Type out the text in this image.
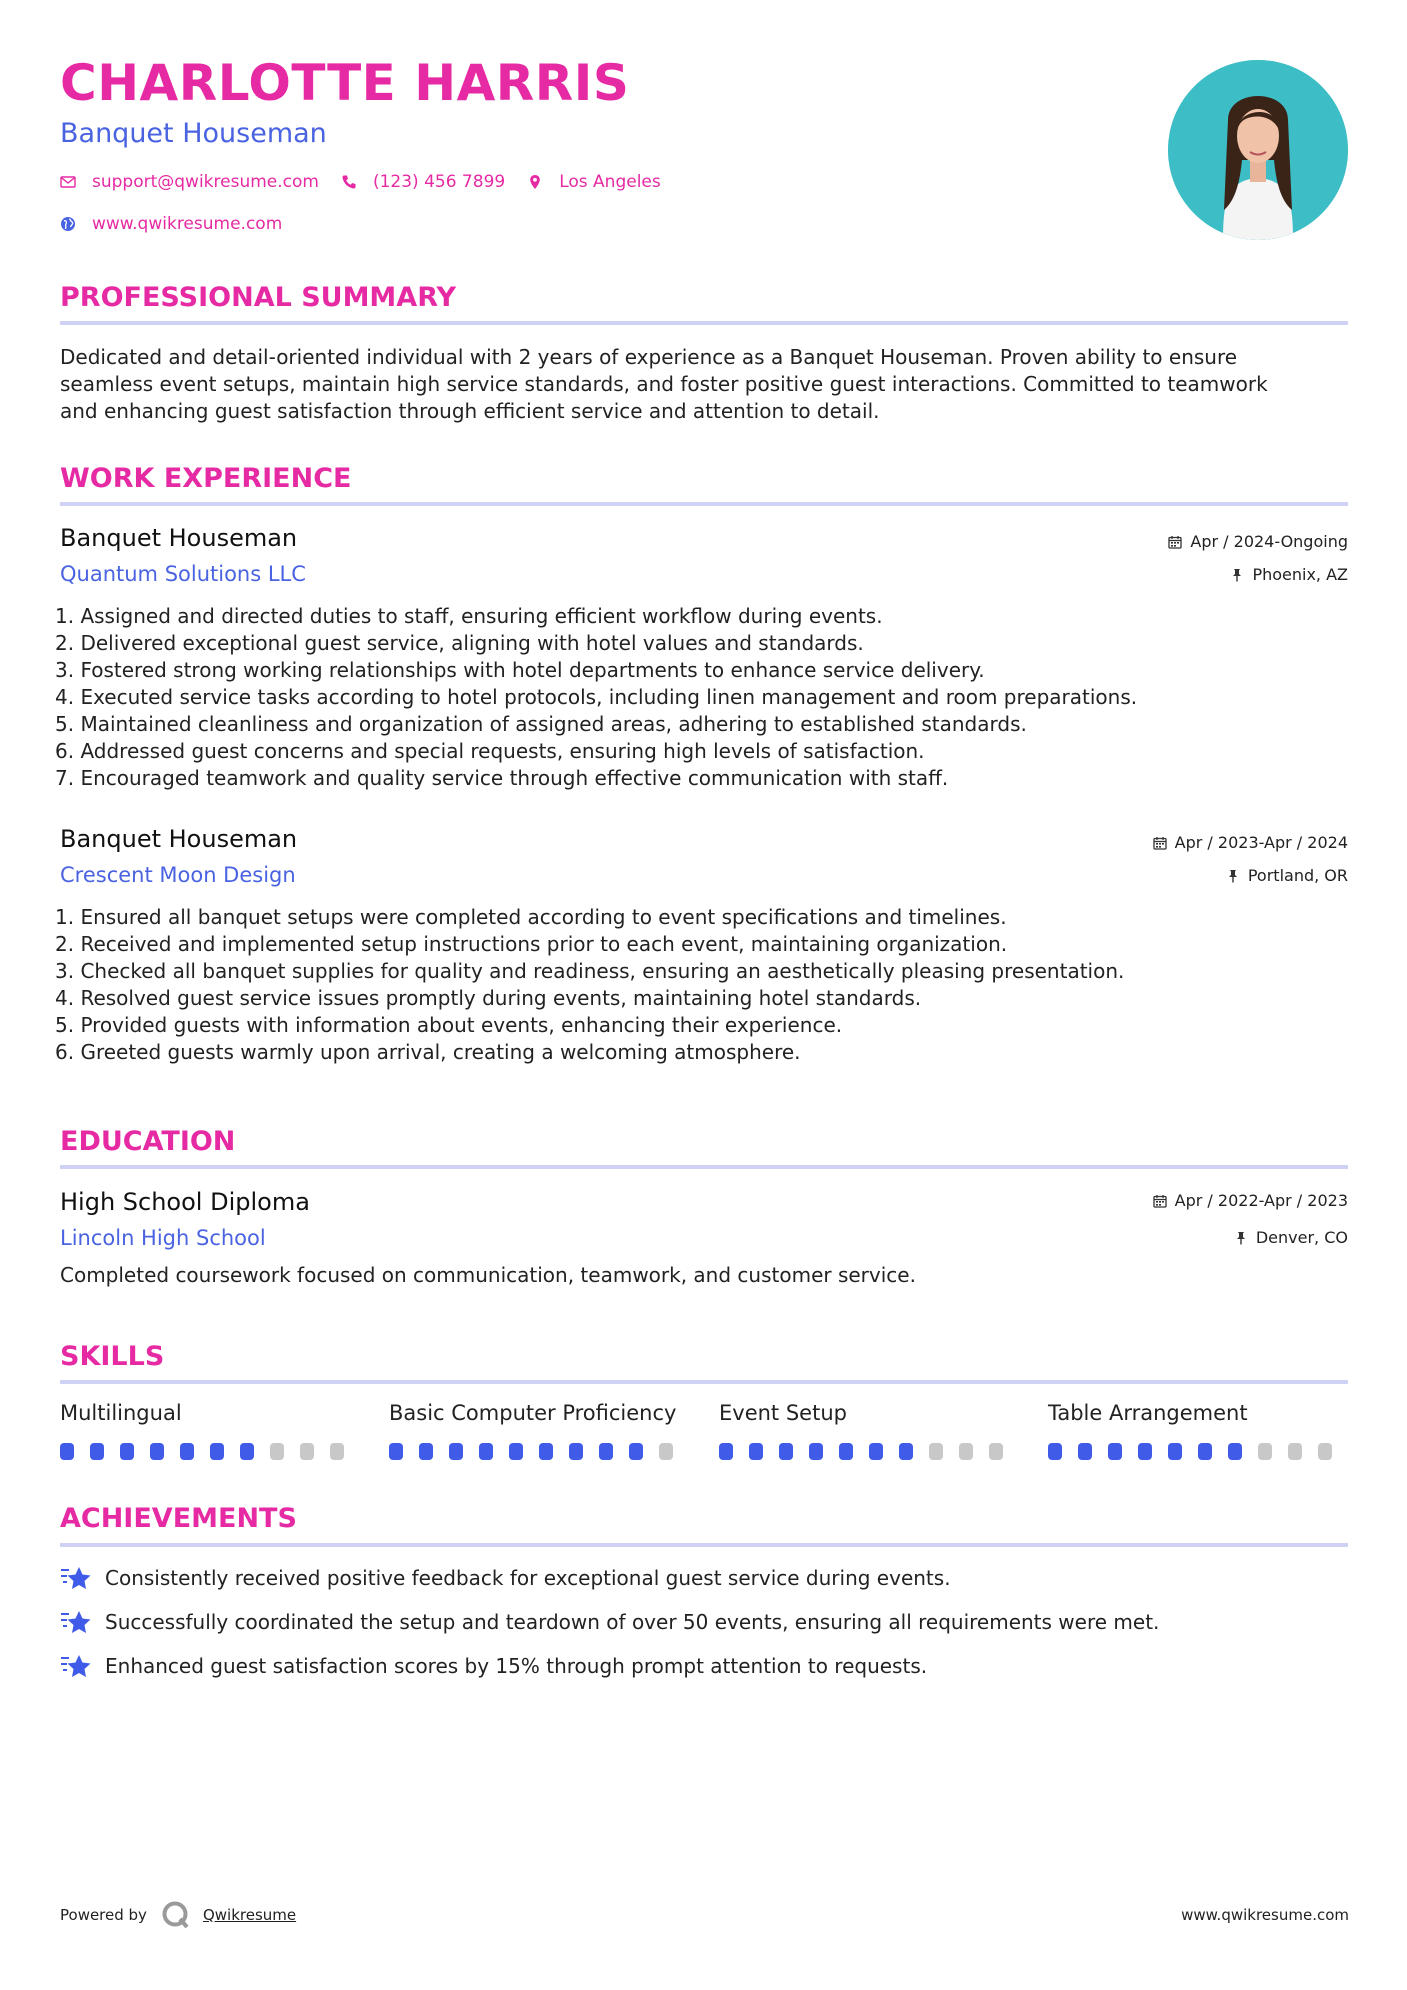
CHARLOTTE HARRIS
Banquet Houseman
support@qwikresume.com	(123) 456 7899	Los Angeles
www.qwikresume.com
PROFESSIONAL SUMMARY
Dedicated and detail-oriented individual with 2 years of experience as a Banquet Houseman. Proven ability to ensure
seamless event setups, maintain high service standards, and foster positive guest interactions. Committed to teamwork
and enhancing guest satisfaction through efficient service and attention to detail.
WORK EXPERIENCE
Banquet Houseman
Quantum Solutions LLC
Apr / 2024-Ongoing
Phoenix, AZ
1. Assigned and directed duties to staff, ensuring efficient workflow during events.
2. Delivered exceptional guest service, aligning with hotel values and standards.
3. Fostered strong working relationships with hotel departments to enhance service delivery.
4. Executed service tasks according to hotel protocols, including linen management and room preparations.
5. Maintained cleanliness and organization of assigned areas, adhering to established standards.
6. Addressed guest concerns and special requests, ensuring high levels of satisfaction.
7. Encouraged teamwork and quality service through effective communication with staff.
Banquet Houseman
Crescent Moon Design
Apr / 2023-Apr / 2024
Portland, OR
1. Ensured all banquet setups were completed according to event specifications and timelines.
2. Received and implemented setup instructions prior to each event, maintaining organization.
3. Checked all banquet supplies for quality and readiness, ensuring an aesthetically pleasing presentation.
4. Resolved guest service issues promptly during events, maintaining hotel standards.
5. Provided guests with information about events, enhancing their experience.
6. Greeted guests warmly upon arrival, creating a welcoming atmosphere.
EDUCATION
High School Diploma
Lincoln High School
Apr / 2022-Apr / 2023
Denver, CO
Completed coursework focused on communication, teamwork, and customer service.
SKILLS
Multilingual	Basic Computer Proficiency	Event Setup	Table Arrangement
ACHIEVEMENTS
Consistently received positive feedback for exceptional guest service during events.
Successfully coordinated the setup and teardown of over 50 events, ensuring all requirements were met.
Enhanced guest satisfaction scores by 15% through prompt attention to requests.
Powered by	Qwikresume	www.qwikresume.com
